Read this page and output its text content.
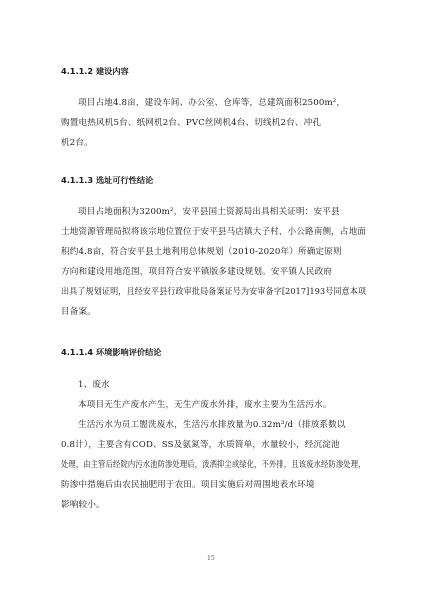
4.1.1.2 建设内容
项目占地4.8亩，建设车间、办公室、仓库等，总建筑面积2500m²，
购置电热风机5台、纸网机2台、PVC丝网机4台、切线机2台、冲孔
机2台。
4.1.1.3 选址可行性结论
项目占地面积为3200m²，安平县国土资源局出具相关证明：安平县
土地资源管理局拟将该宗地位置位于安平县马店镇大子村，小公路南侧，占地面
积约4.8亩，符合安平县土地利用总体规划（2010-2020年）所确定原则
方向和建设用地范围，项目符合安平镇版多建设规划。安平镇人民政府
出具了规划证明，且经安平县行政审批局备案证号为安审备字[2017]193号同意本项
目备案。
4.1.1.4 环境影响评价结论
1、废水
本项目无生产废水产生，无生产废水外排，废水主要为生活污水。
生活污水为员工盥洗废水，生活污水排放量为0.32m³/d（排放系数以
0.8计），主要含有COD、SS及氨氮等，水质简单，水量较小，经沉淀池
处理，由主管后经院内污水池防渗处理后，泼洒抑尘或绿化，不外排，且该废水经防渗处理，
防渗中措施后由农民抽肥用于农田。项目实施后对周围地表水环境
影响较小。
15
